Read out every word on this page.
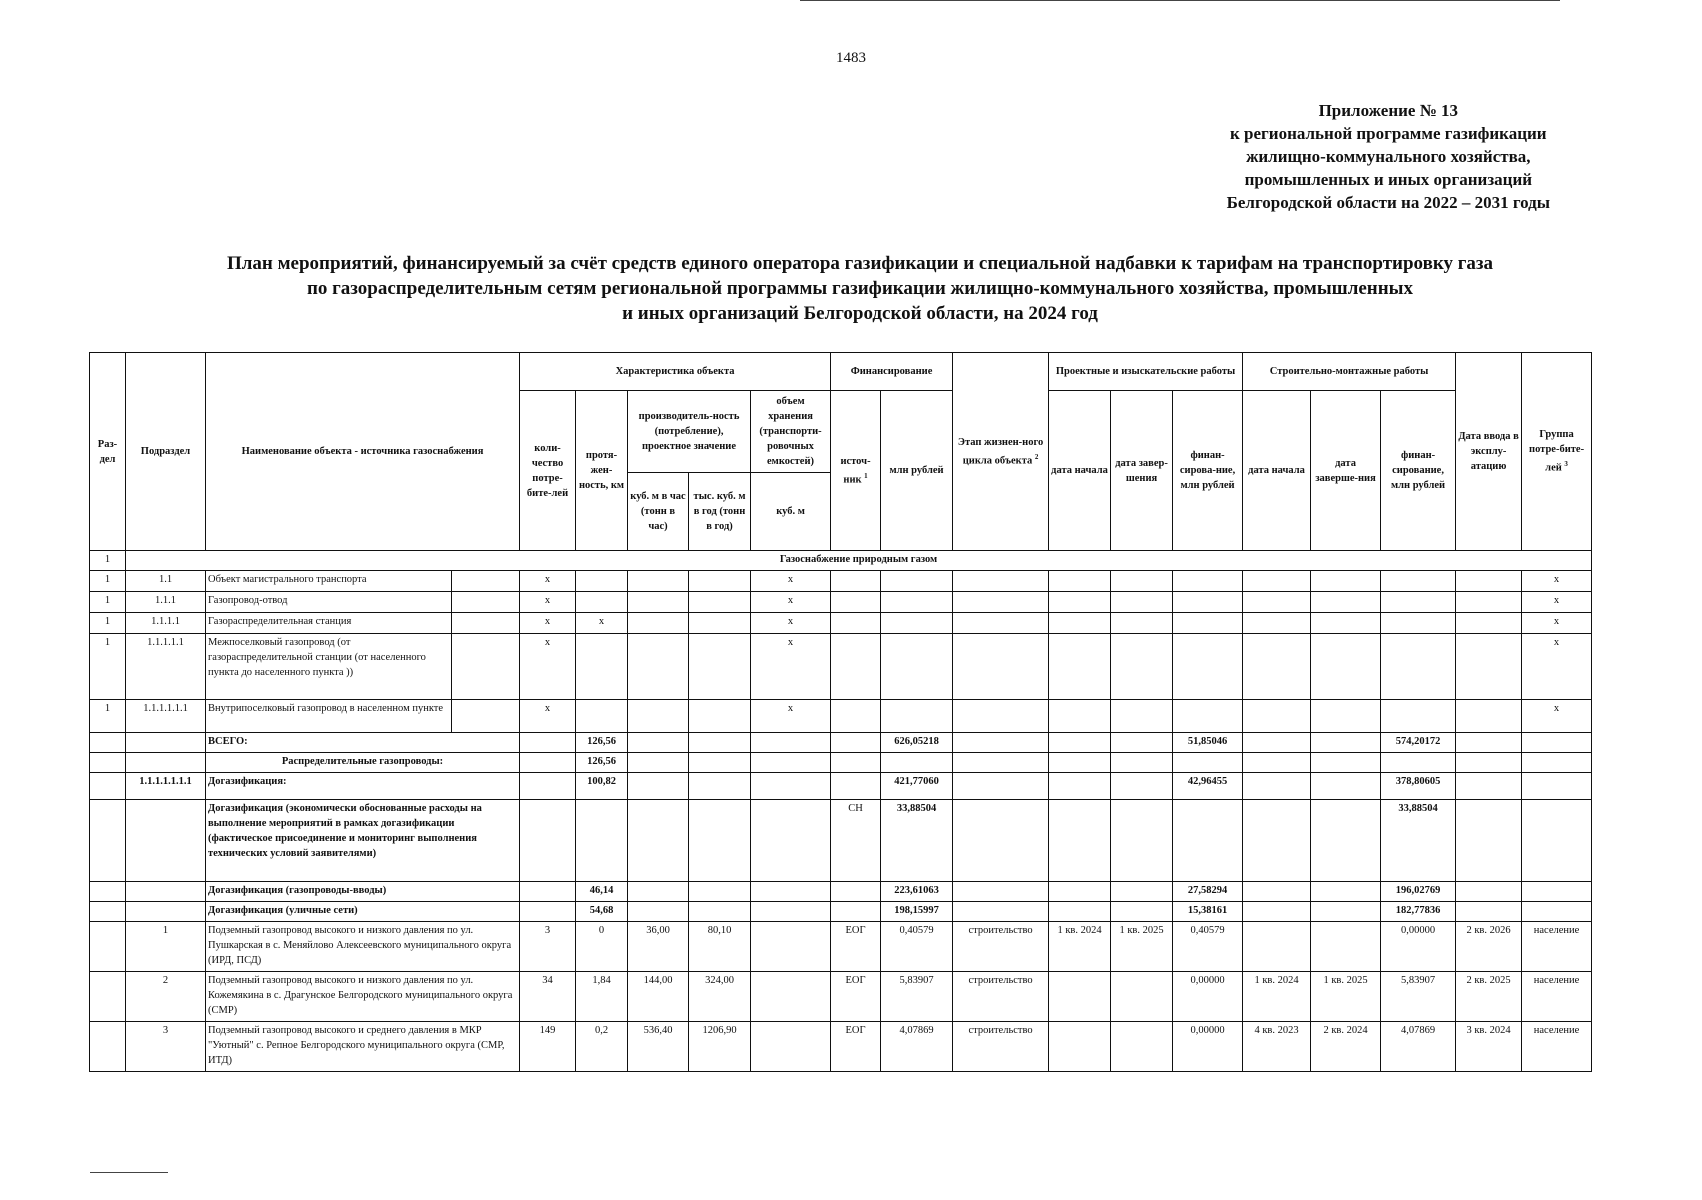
1483
Приложение № 13
к региональной программе газификации
жилищно-коммунального хозяйства,
промышленных и иных организаций
Белгородской области на 2022 – 2031 годы
План мероприятий, финансируемый за счёт средств единого оператора газификации и специальной надбавки к тарифам на транспортировку газа
по газораспределительным сетям региональной программы газификации жилищно-коммунального хозяйства, промышленных
и иных организаций Белгородской области, на 2024 год
Раз-дел	Подраздел	Наименование объекта - источника газоснабжения		Характеристика объекта					Финансирование		Этап жизнен-ного цикла объекта $^2$	Проектные и изыскательские работы			Строительно-монтажные работы			Дата ввода в эксплу-атацию	Группа потре-бите-лей $^3$
				коли-чество потре-бите-лей	протя-жен-ность, км	производитель-ность (потребление), проектное значение		объем хранения (транспорти-ровочных емкостей)	источ-ник $^1$	млн рублей		дата начала	дата завер-шения	финан-сирова-ние, млн рублей	дата начала	дата заверше-ния	финан-сирование, млн рублей		
						куб. м в час (тонн в час)	тыс. куб. м в год (тонн в год)	куб. м											
1	Газоснабжение природным газом																		
1	1.1	Объект магистрального транспорта		x				x											x
1	1.1.1	Газопровод-отвод		x				x											x
1	1.1.1.1	Газораспределительная станция		x	x			x											x
1	1.1.1.1.1	Межпоселковый газопровод (от газораспределительной станции (от населенного пункта до населенного пункта ))		x				x											x
1	1.1.1.1.1.1	Внутрипоселковый газопровод в населенном пункте		x				x											x
		ВСЕГО:			126,56					626,05218				51,85046			574,20172		
		Распределительные газопроводы:			126,56														
	1.1.1.1.1.1.1	Догазификация:			100,82					421,77060				42,96455			378,80605		
		Догазификация (экономически обоснованные расходы на выполнение мероприятий в рамках догазификации (фактическое присоединение и мониторинг выполнения технических условий заявителями)							СН	33,88504							33,88504		
		Догазификация (газопроводы-вводы)			46,14					223,61063				27,58294			196,02769		
		Догазификация (уличные сети)			54,68					198,15997				15,38161			182,77836		
	1	Подземный газопровод высокого и низкого давления по ул. Пушкарская в с. Меняйлово Алексеевского муниципального округа (ИРД, ПСД)		3	0	36,00	80,10		ЕОГ	0,40579	строительство	1 кв. 2024	1 кв. 2025	0,40579			0,00000	2 кв. 2026	население
	2	Подземный газопровод высокого и низкого давления по ул. Кожемякина в с. Драгунское Белгородского муниципального округа (СМР)		34	1,84	144,00	324,00		ЕОГ	5,83907	строительство			0,00000	1 кв. 2024	1 кв. 2025	5,83907	2 кв. 2025	население
	3	Подземный газопровод высокого и среднего давления в МКР "Уютный" с. Репное Белгородского муниципального округа (СМР, ИТД)		149	0,2	536,40	1206,90		ЕОГ	4,07869	строительство			0,00000	4 кв. 2023	2 кв. 2024	4,07869	3 кв. 2024	население
